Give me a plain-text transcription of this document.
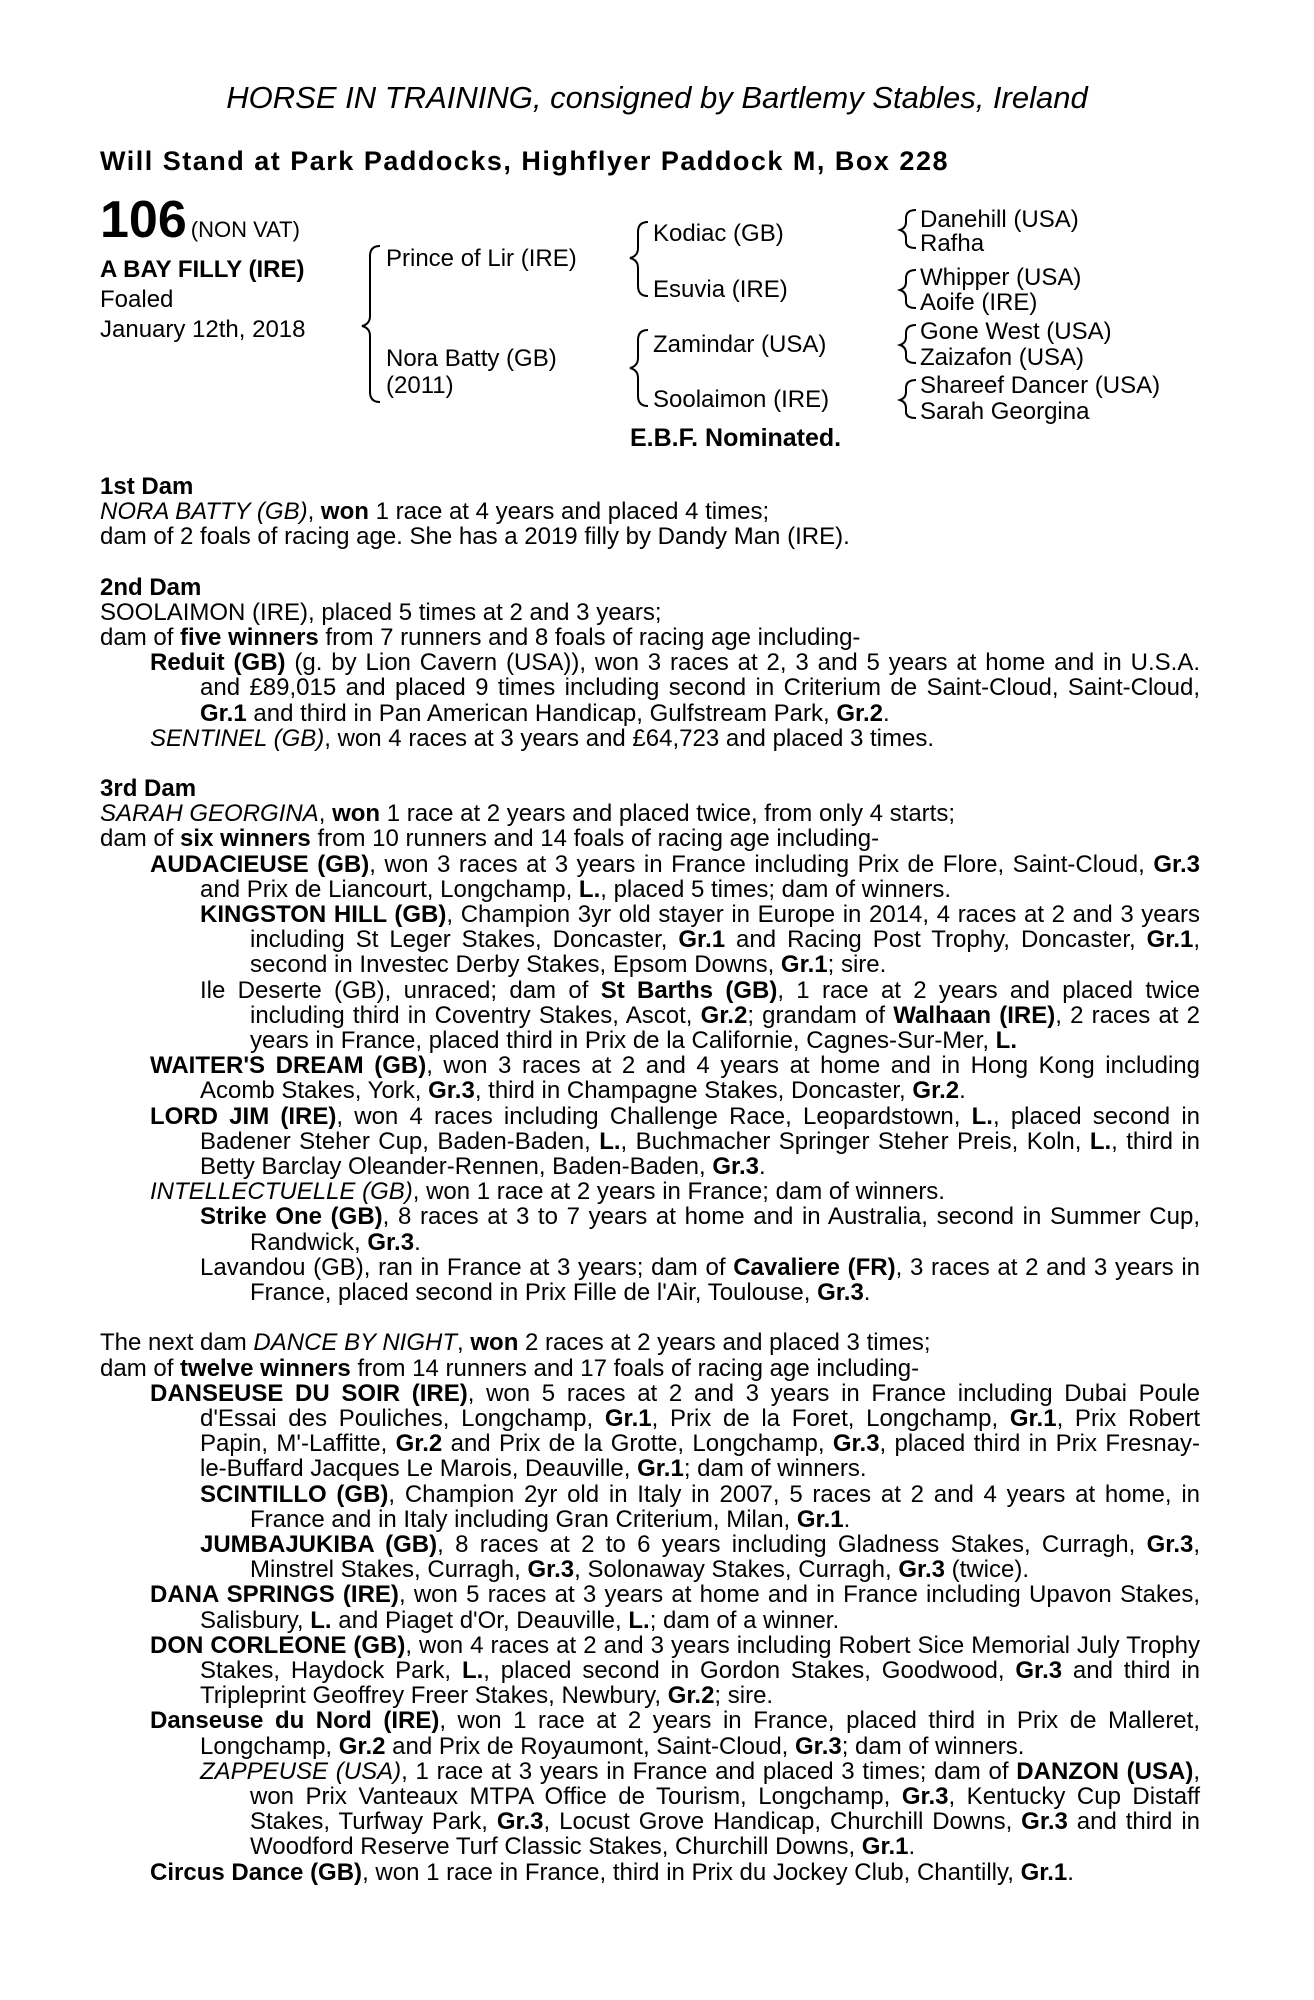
HORSE IN TRAINING, consigned by Bartlemy Stables, Ireland
Will Stand at Park Paddocks, Highflyer Paddock M, Box 228
106 (NON VAT)
A BAY FILLY (IRE)
Foaled
January 12th, 2018
Prince of Lir (IRE)
Nora Batty (GB)
(2011)
Kodiac (GB)
Esuvia (IRE)
Zamindar (USA)
Soolaimon (IRE)
Danehill (USA)
Rafha
Whipper (USA)
Aoife (IRE)
Gone West (USA)
Zaizafon (USA)
Shareef Dancer (USA)
Sarah Georgina
E.B.F. Nominated.
1st Dam

NORA BATTY (GB), won 1 race at 4 years and placed 4 times;

dam of 2 foals of racing age. She has a 2019 filly by Dandy Man (IRE).

2nd Dam

SOOLAIMON (IRE), placed 5 times at 2 and 3 years;

dam of five winners from 7 runners and 8 foals of racing age including-

Reduit (GB) (g. by Lion Cavern (USA)), won 3 races at 2, 3 and 5 years at home and in U.S.A. and £89,015 and placed 9 times including second in Criterium de Saint-Cloud, Saint-Cloud, Gr.1 and third in Pan American Handicap, Gulfstream Park, Gr.2.

SENTINEL (GB), won 4 races at 3 years and £64,723 and placed 3 times.

3rd Dam

SARAH GEORGINA, won 1 race at 2 years and placed twice, from only 4 starts;

dam of six winners from 10 runners and 14 foals of racing age including-

AUDACIEUSE (GB), won 3 races at 3 years in France including Prix de Flore, Saint-Cloud, Gr.3 and Prix de Liancourt, Longchamp, L., placed 5 times; dam of winners.

KINGSTON HILL (GB), Champion 3yr old stayer in Europe in 2014, 4 races at 2 and 3 years including St Leger Stakes, Doncaster, Gr.1 and Racing Post Trophy, Doncaster, Gr.1, second in Investec Derby Stakes, Epsom Downs, Gr.1; sire.

Ile Deserte (GB), unraced; dam of St Barths (GB), 1 race at 2 years and placed twice including third in Coventry Stakes, Ascot, Gr.2; grandam of Walhaan (IRE), 2 races at 2 years in France, placed third in Prix de la Californie, Cagnes-Sur-Mer, L.

WAITER'S DREAM (GB), won 3 races at 2 and 4 years at home and in Hong Kong including Acomb Stakes, York, Gr.3, third in Champagne Stakes, Doncaster, Gr.2.

LORD JIM (IRE), won 4 races including Challenge Race, Leopardstown, L., placed second in Badener Steher Cup, Baden-Baden, L., Buchmacher Springer Steher Preis, Koln, L., third in Betty Barclay Oleander-Rennen, Baden-Baden, Gr.3.

INTELLECTUELLE (GB), won 1 race at 2 years in France; dam of winners.

Strike One (GB), 8 races at 3 to 7 years at home and in Australia, second in Summer Cup, Randwick, Gr.3.

Lavandou (GB), ran in France at 3 years; dam of Cavaliere (FR), 3 races at 2 and 3 years in France, placed second in Prix Fille de l'Air, Toulouse, Gr.3.

The next dam DANCE BY NIGHT, won 2 races at 2 years and placed 3 times;

dam of twelve winners from 14 runners and 17 foals of racing age including-

DANSEUSE DU SOIR (IRE), won 5 races at 2 and 3 years in France including Dubai Poule d'Essai des Pouliches, Longchamp, Gr.1, Prix de la Foret, Longchamp, Gr.1, Prix Robert Papin, M'-Laffitte, Gr.2 and Prix de la Grotte, Longchamp, Gr.3, placed third in Prix Fresnay-le-Buffard Jacques Le Marois, Deauville, Gr.1; dam of winners.

SCINTILLO (GB), Champion 2yr old in Italy in 2007, 5 races at 2 and 4 years at home, in France and in Italy including Gran Criterium, Milan, Gr.1.

JUMBAJUKIBA (GB), 8 races at 2 to 6 years including Gladness Stakes, Curragh, Gr.3, Minstrel Stakes, Curragh, Gr.3, Solonaway Stakes, Curragh, Gr.3 (twice).

DANA SPRINGS (IRE), won 5 races at 3 years at home and in France including Upavon Stakes, Salisbury, L. and Piaget d'Or, Deauville, L.; dam of a winner.

DON CORLEONE (GB), won 4 races at 2 and 3 years including Robert Sice Memorial July Trophy Stakes, Haydock Park, L., placed second in Gordon Stakes, Goodwood, Gr.3 and third in Tripleprint Geoffrey Freer Stakes, Newbury, Gr.2; sire.

Danseuse du Nord (IRE), won 1 race at 2 years in France, placed third in Prix de Malleret, Longchamp, Gr.2 and Prix de Royaumont, Saint-Cloud, Gr.3; dam of winners.

ZAPPEUSE (USA), 1 race at 3 years in France and placed 3 times; dam of DANZON (USA), won Prix Vanteaux MTPA Office de Tourism, Longchamp, Gr.3, Kentucky Cup Distaff Stakes, Turfway Park, Gr.3, Locust Grove Handicap, Churchill Downs, Gr.3 and third in Woodford Reserve Turf Classic Stakes, Churchill Downs, Gr.1.

Circus Dance (GB), won 1 race in France, third in Prix du Jockey Club, Chantilly, Gr.1.
